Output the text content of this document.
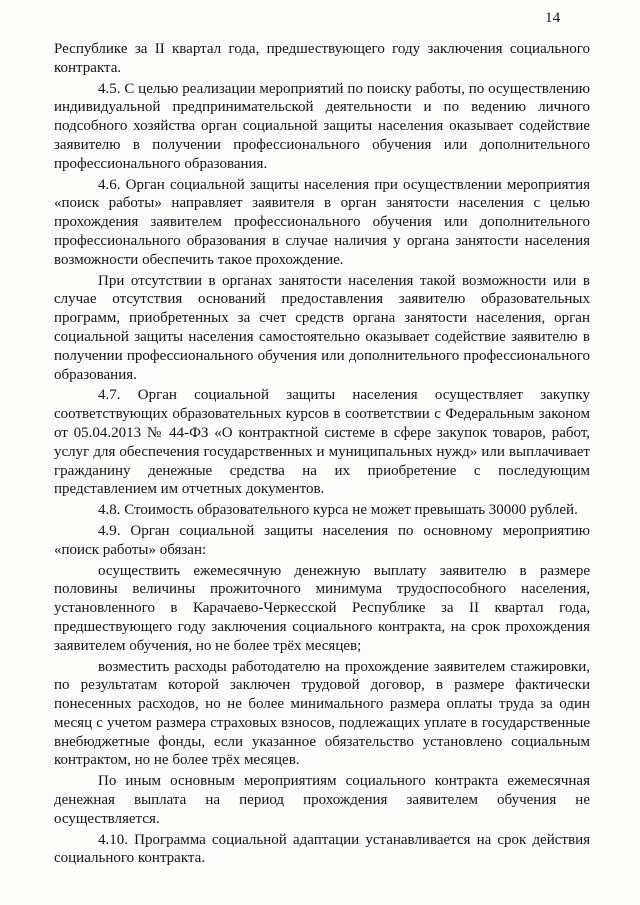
14

Республике за II квартал года, предшествующего году заключения социального контракта.

4.5. С целью реализации мероприятий по поиску работы, по осуществлению индивидуальной предпринимательской деятельности и по ведению личного подсобного хозяйства орган социальной защиты населения оказывает содействие заявителю в получении профессионального обучения или дополнительного профессионального образования.

4.6. Орган социальной защиты населения при осуществлении мероприятия «поиск работы» направляет заявителя в орган занятости населения с целью прохождения заявителем профессионального обучения или дополнительного профессионального образования в случае наличия у органа занятости населения возможности обеспечить такое прохождение.

При отсутствии в органах занятости населения такой возможности или в случае отсутствия оснований предоставления заявителю образовательных программ, приобретенных за счет средств органа занятости населения, орган социальной защиты населения самостоятельно оказывает содействие заявителю в получении профессионального обучения или дополнительного профессионального образования.

4.7. Орган социальной защиты населения осуществляет закупку соответствующих образовательных курсов в соответствии с Федеральным законом от 05.04.2013 № 44-ФЗ «О контрактной системе в сфере закупок товаров, работ, услуг для обеспечения государственных и муниципальных нужд» или выплачивает гражданину денежные средства на их приобретение с последующим представлением им отчетных документов.

4.8. Стоимость образовательного курса не может превышать 30000 рублей.

4.9. Орган социальной защиты населения по основному мероприятию «поиск работы» обязан:

осуществить ежемесячную денежную выплату заявителю в размере половины величины прожиточного минимума трудоспособного населения, установленного в Карачаево-Черкесской Республике за II квартал года, предшествующего году заключения социального контракта, на срок прохождения заявителем обучения, но не более трёх месяцев;

возместить расходы работодателю на прохождение заявителем стажировки, по результатам которой заключен трудовой договор, в размере фактически понесенных расходов, но не более минимального размера оплаты труда за один месяц с учетом размера страховых взносов, подлежащих уплате в государственные внебюджетные фонды, если указанное обязательство установлено социальным контрактом, но не более трёх месяцев.

По иным основным мероприятиям социального контракта ежемесячная денежная выплата на период прохождения заявителем обучения не осуществляется.

4.10. Программа социальной адаптации устанавливается на срок действия социального контракта.
